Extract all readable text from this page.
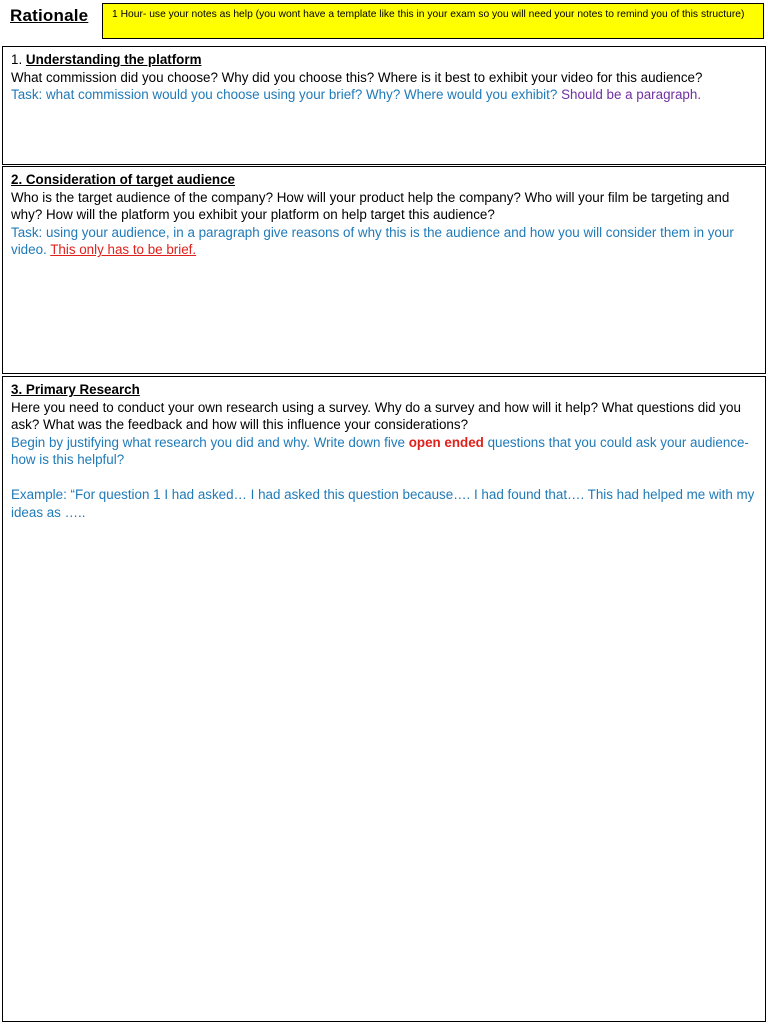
Rationale	1 Hour- use your notes as help (you wont have a template like this in your exam so you will need your notes to remind you of this structure)
1. Understanding the platform
What commission did you choose? Why did you choose this? Where is it best to exhibit your video for this audience?
Task: what commission would you choose using your brief? Why? Where would you exhibit? Should be a paragraph.
2. Consideration of target audience
Who is the target audience of the company? How will your product help the company? Who will your film be targeting and why? How will the platform you exhibit your platform on help target this audience?
Task: using your audience, in a paragraph give reasons of why this is the audience and how you will consider them in your video. This only has to be brief.
3. Primary Research
Here you need to conduct your own research using a survey. Why do a survey and how will it help? What questions did you ask? What was the feedback and how will this influence your considerations?
Begin by justifying what research you did and why. Write down five open ended questions that you could ask your audience- how is this helpful?
Example: “For question 1 I had asked… I had asked this question because…. I had found that…. This had helped me with my ideas as …..
